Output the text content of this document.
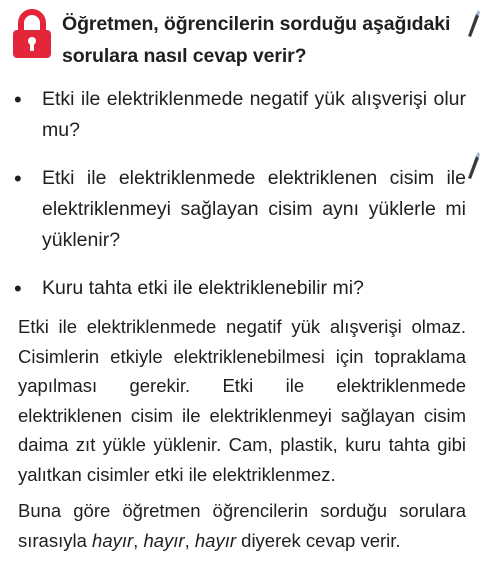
Öğretmen, öğrencilerin sorduğu aşağıdaki sorulara nasıl cevap verir?
•	Etki ile elektriklenmede negatif yük alışverişi olur mu?
•	Etki ile elektriklenmede elektriklenen cisim ile elektriklenmeyi sağlayan cisim aynı yüklerle mi yüklenir?
•	Kuru tahta etki ile elektriklenebilir mi?

Etki ile elektriklenmede negatif yük alışverişi olmaz. Cisimlerin etkiyle elektriklenebilmesi için topraklama yapılması gerekir. Etki ile elektriklenmede elektriklenen cisim ile elektriklenmeyi sağlayan cisim daima zıt yükle yüklenir. Cam, plastik, kuru tahta gibi yalıtkan cisimler etki ile elektriklenmez.

Buna göre öğretmen öğrencilerin sorduğu sorulara sırasıyla hayır, hayır, hayır diyerek cevap verir.
